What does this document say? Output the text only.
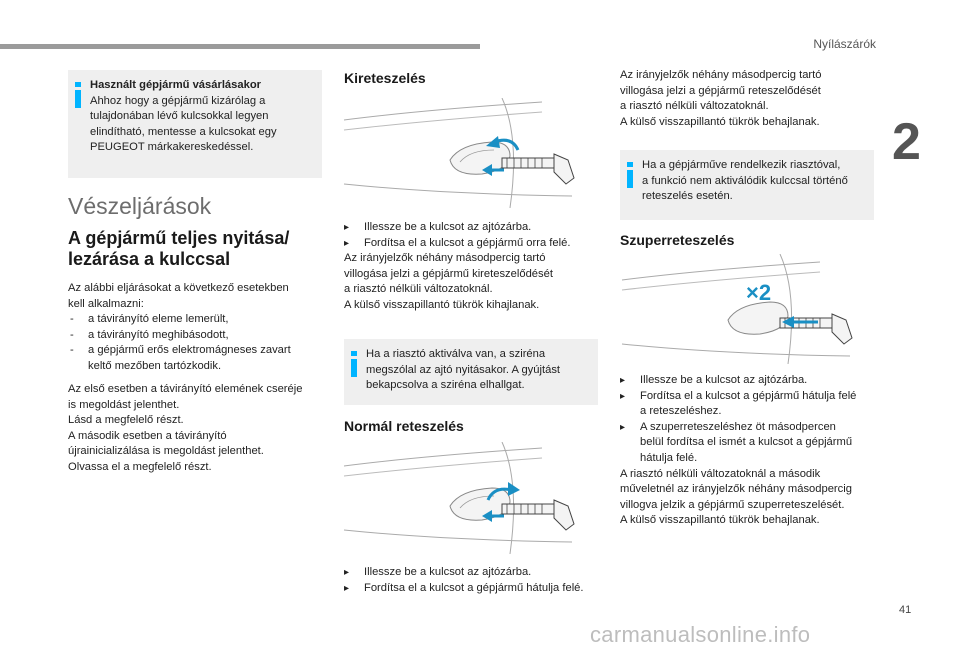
Nyílászárók
2
41
carmanualsonline.info

Használt gépjármű vásárlásakor

Ahhoz hogy a gépjármű kizárólag a

tulajdonában lévő kulcsokkal legyen

elindítható, mentesse a kulcsokat egy

PEUGEOT márkakereskedéssel.

Vészeljárások
A gépjármű teljes nyitása/
lezárása a kulccsal

Az alábbi eljárásokat a következő esetekben

kell alkalmazni:

- a távirányító eleme lemerült,

- a távirányító meghibásodott,

- a gépjármű erős elektromágneses zavart

keltő mezőben tartózkodik.

Az első esetben a távirányító elemének cseréje

is megoldást jelenthet.

Lásd a megfelelő részt.

A második esetben a távirányító

újrainicializálása is megoldást jelenthet.

Olvassa el a megfelelő részt.

Kireteszelés
▸ Illessze be a kulcsot az ajtózárba.

▸ Fordítsa el a kulcsot a gépjármű orra felé.

Az irányjelzők néhány másodpercig tartó

villogása jelzi a gépjármű kireteszelődését

a riasztó nélküli változatoknál.

A külső visszapillantó tükrök kihajlanak.

Ha a riasztó aktiválva van, a sziréna

megszólal az ajtó nyitásakor. A gyújtást

bekapcsolva a sziréna elhallgat.

Normál reteszelés
▸ Illessze be a kulcsot az ajtózárba.

▸ Fordítsa el a kulcsot a gépjármű hátulja felé.

Az irányjelzők néhány másodpercig tartó

villogása jelzi a gépjármű reteszelődését

a riasztó nélküli változatoknál.

A külső visszapillantó tükrök behajlanak.

Ha a gépjárműve rendelkezik riasztóval,

a funkció nem aktiválódik kulccsal történő

reteszelés esetén.

Szuperreteszelés
×2
▸ Illessze be a kulcsot az ajtózárba.

▸ Fordítsa el a kulcsot a gépjármű hátulja felé

a reteszeléshez.

▸ A szuperreteszeléshez öt másodpercen

belül fordítsa el ismét a kulcsot a gépjármű

hátulja felé.

A riasztó nélküli változatoknál a második

műveletnél az irányjelzők néhány másodpercig

villogva jelzik a gépjármű szuperreteszelését.

A külső visszapillantó tükrök behajlanak.
